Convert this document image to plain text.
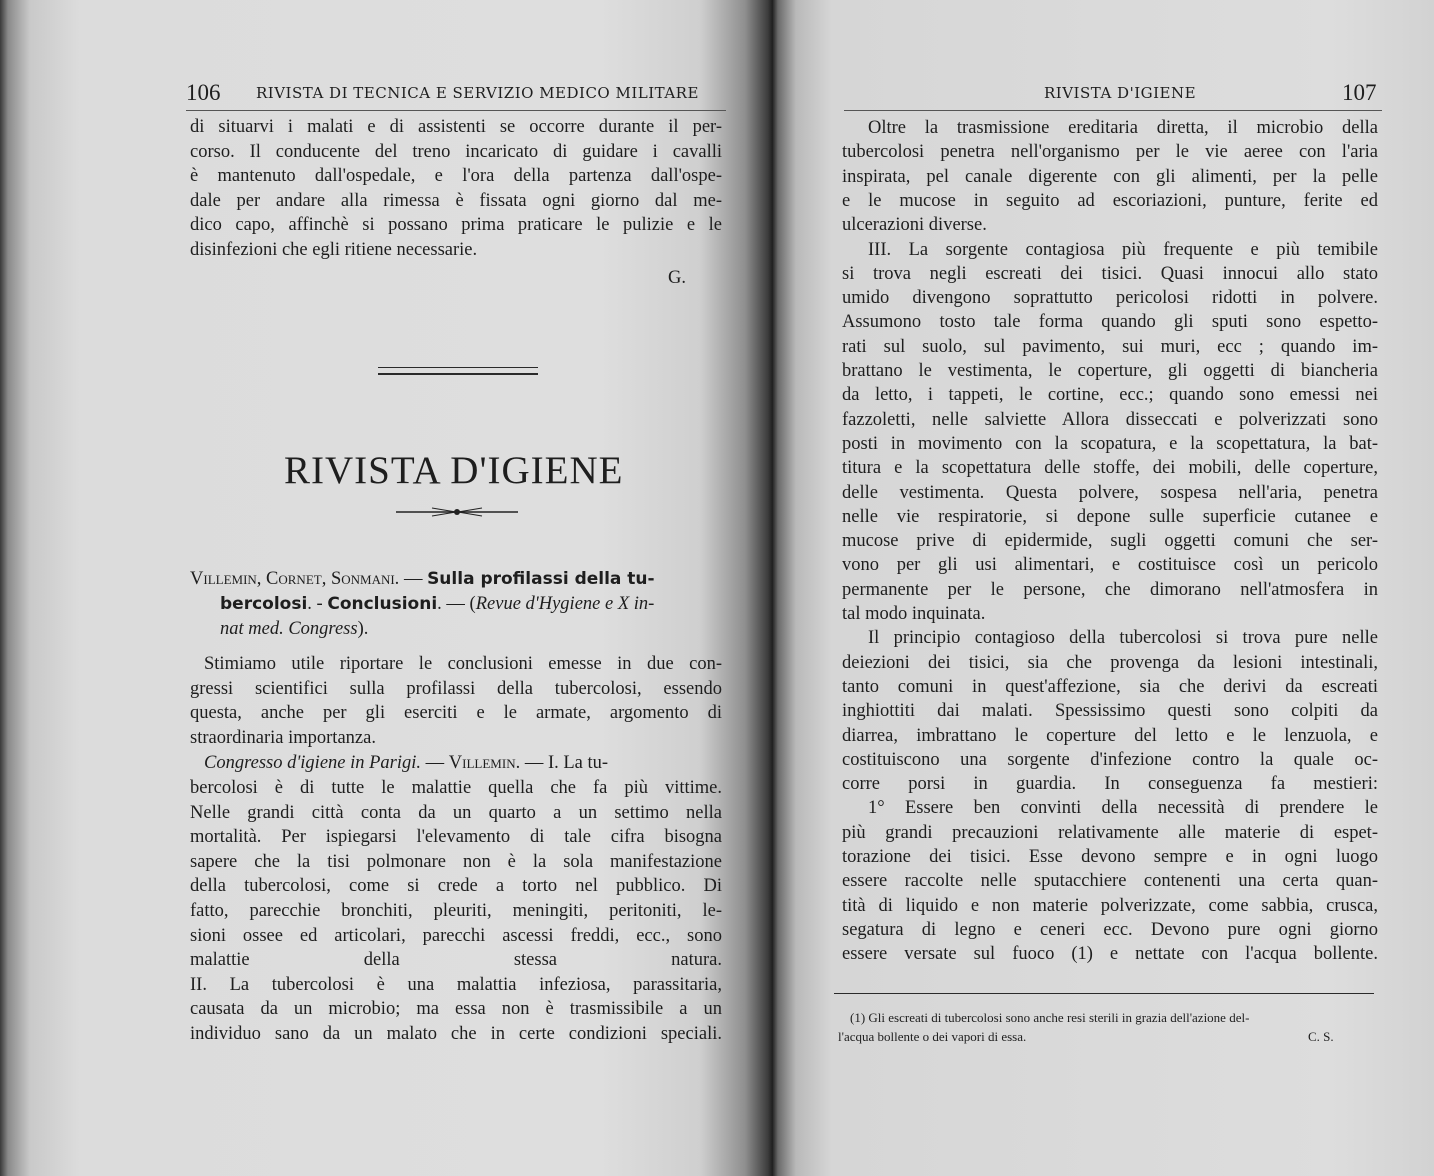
106 RIVISTA DI TECNICA E SERVIZIO MEDICO MILITARE
di situarvi i malati e di assistenti se occorre durante il per-
corso. Il conducente del treno incaricato di guidare i cavalli
è mantenuto dall'ospedale, e l'ora della partenza dall'ospe-
dale per andare alla rimessa è fissata ogni giorno dal me-
dico capo, affinchè si possano prima praticare le pulizie e le
disinfezioni che egli ritiene necessarie.
G.
RIVISTA D'IGIENE
Villemin, Cornet, Sonmani. — Sulla profilassi della tu-
bercolosi. - Conclusioni. — (Revue d'Hygiene e X in-
nat med. Congress).
Stimiamo utile riportare le conclusioni emesse in due con-
gressi scientifici sulla profilassi della tubercolosi, essendo
questa, anche per gli eserciti e le armate, argomento di
straordinaria importanza.
Congresso d'igiene in Parigi. — Villemin. — I. La tu-
bercolosi è di tutte le malattie quella che fa più vittime.
Nelle grandi città conta da un quarto a un settimo nella
mortalità. Per ispiegarsi l'elevamento di tale cifra bisogna
sapere che la tisi polmonare non è la sola manifestazione
della tubercolosi, come si crede a torto nel pubblico. Di
fatto, parecchie bronchiti, pleuriti, meningiti, peritoniti, le-
sioni ossee ed articolari, parecchi ascessi freddi, ecc., sono
malattie della stessa natura.
II. La tubercolosi è una malattia infeziosa, parassitaria,
causata da un microbio; ma essa non è trasmissibile a un
individuo sano da un malato che in certe condizioni speciali.
RIVISTA D'IGIENE	107
Oltre la trasmissione ereditaria diretta, il microbio della
tubercolosi penetra nell'organismo per le vie aeree con l'aria
inspirata, pel canale digerente con gli alimenti, per la pelle
e le mucose in seguito ad escoriazioni, punture, ferite ed
ulcerazioni diverse.
III. La sorgente contagiosa più frequente e più temibile
si trova negli escreati dei tisici. Quasi innocui allo stato
umido divengono soprattutto pericolosi ridotti in polvere.
Assumono tosto tale forma quando gli sputi sono espetto-
rati sul suolo, sul pavimento, sui muri, ecc ; quando im-
brattano le vestimenta, le coperture, gli oggetti di biancheria
da letto, i tappeti, le cortine, ecc.; quando sono emessi nei
fazzoletti, nelle salviette Allora disseccati e polverizzati sono
posti in movimento con la scopatura, e la scopettatura, la bat-
titura e la scopettatura delle stoffe, dei mobili, delle coperture,
delle vestimenta. Questa polvere, sospesa nell'aria, penetra
nelle vie respiratorie, si depone sulle superficie cutanee e
mucose prive di epidermide, sugli oggetti comuni che ser-
vono per gli usi alimentari, e costituisce così un pericolo
permanente per le persone, che dimorano nell'atmosfera in
tal modo inquinata.
Il principio contagioso della tubercolosi si trova pure nelle
deiezioni dei tisici, sia che provenga da lesioni intestinali,
tanto comuni in quest'affezione, sia che derivi da escreati
inghiottiti dai malati. Spessissimo questi sono colpiti da
diarrea, imbrattano le coperture del letto e le lenzuola, e
costituiscono una sorgente d'infezione contro la quale oc-
corre porsi in guardia. In conseguenza fa mestieri:
1° Essere ben convinti della necessità di prendere le
più grandi precauzioni relativamente alle materie di espet-
torazione dei tisici. Esse devono sempre e in ogni luogo
essere raccolte nelle sputacchiere contenenti una certa quan-
tità di liquido e non materie polverizzate, come sabbia, crusca,
segatura di legno e ceneri ecc. Devono pure ogni giorno
essere versate sul fuoco (1) e nettate con l'acqua bollente.
(1) Gli escreati di tubercolosi sono anche resi sterili in grazia dell'azione del-
l'acqua bollente o dei vapori di essa.	C. S.
